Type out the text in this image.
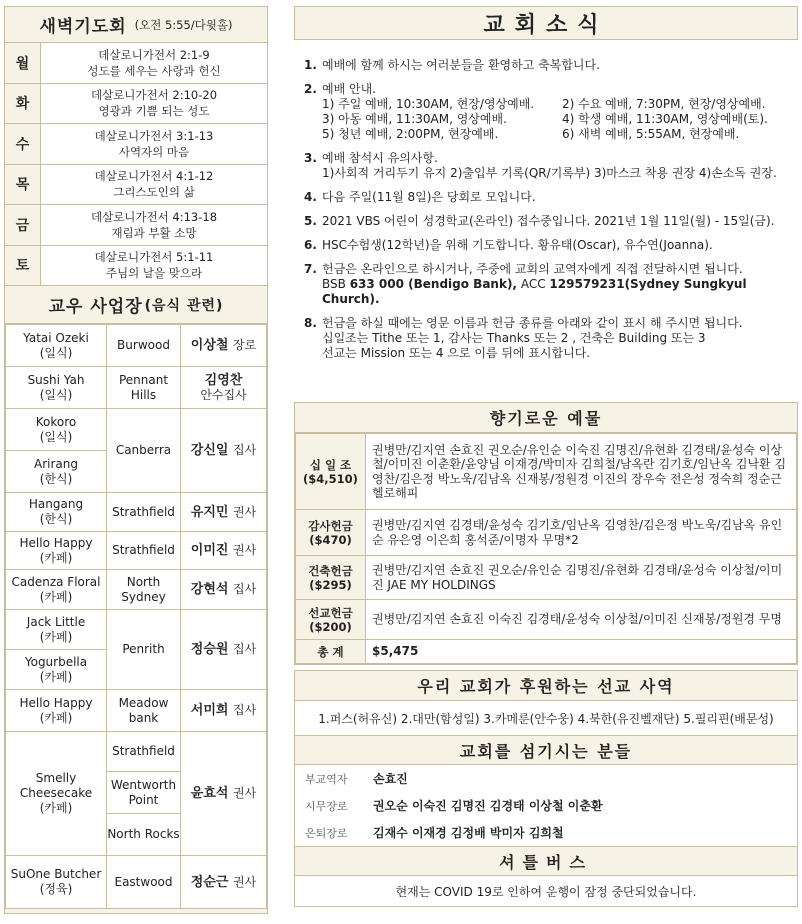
새벽기도회 (오전 5:55/다윗홀)
월
데살로니가전서 2:1-9
성도를 세우는 사랑과 헌신
화
데살로니가전서 2:10-20
영광과 기쁨 되는 성도
수
데살로니가전서 3:1-13
사역자의 마음
목
데살로니가전서 4:1-12
그리스도인의 삶
금
데살로니가전서 4:13-18
재림과 부활 소망
토
데살로니가전서 5:1-11
주님의 날을 맞으라
교우 사업장 (음식 관련)
Yatai Ozeki
(일식)	Burwood	이상철 장로
Sushi Yah
(일식)	Pennant Hills	김영찬
안수집사
Kokoro
(일식)	Canberra	강신일 집사
Arirang
(한식)		
Hangang
(한식)	Strathfield	유지민 권사
Hello Happy
(카페)	Strathfield	이미진 권사
Cadenza Floral
(카페)	North Sydney	강현석 집사
Jack Little
(카페)	Penrith	정승원 집사
Yogurbella
(카페)		
Hello Happy
(카페)	Meadow bank	서미희 집사
Smelly Cheesecake
(카페)	Strathfield	윤효석 권사
	Wentworth Point	
	North Rocks	
SuOne Butcher
(정육)	Eastwood	정순근 권사
교회소식
1. 예배에 함께 하시는 여러분들을 환영하고 축복합니다.
2. 예배 안내.
1) 주일 예배, 10:30AM, 현장/영상예배.	2) 수요 예배, 7:30PM, 현장/영상예배.
3) 아동 예배, 11:30AM, 영상예배.	4) 학생 예배, 11:30AM, 영상예배(토).
5) 청년 예배, 2:00PM, 현장예배.	6) 새벽 예배, 5:55AM, 현장예배.
3. 예배 참석시 유의사항.
1)사회적 거리두기 유지 2)출입부 기록(QR/기록부) 3)마스크 착용 권장 4)손소독 권장.
4. 다음 주일(11월 8일)은 당회로 모입니다.
5. 2021 VBS 어린이 성경학교(온라인) 접수중입니다. 2021년 1월 11일(월) - 15일(금).
6. HSC수험생(12학년)을 위해 기도합니다. 황유태(Oscar), 유수연(Joanna).
7. 헌금은 온라인으로 하시거나, 주중에 교회의 교역자에게 직접 전달하시면 됩니다.
BSB 633 000 (Bendigo Bank), ACC 129579231(Sydney Sungkyul Church).
8. 헌금을 하실 때에는 영문 이름과 헌금 종류를 아래와 같이 표시 해 주시면 됩니다.
십일조는 Tithe 또는 1, 감사는 Thanks 또는 2 , 건축은 Building 또는 3
선교는 Mission 또는 4 으로 이름 뒤에 표시합니다.
향기로운 예물
십 일 조
($4,510)	권병만/김지연 손효진 권오순/유인순 이숙진 김명진/유현화 김경태/윤성숙 이상철/이미진 이춘환/윤양님 이재경/박미자 김희철/남옥란 김기호/임난옥 김낙환 김영찬/김은정 박노욱/김남옥 신재봉/정원경 이진의 장우숙 전은성 정숙희 정순근 헬로해피
감사헌금
($470)	권병만/김지연 김경태/윤성숙 김기호/임난옥 김영찬/김은정 박노욱/김남옥 유인순 유은영 이은희 홍석준/이명자 무명*2
건축헌금
($295)	권병만/김지연 손효진 권오순/유인순 김명진/유현화 김경태/윤성숙 이상철/이미진 JAE MY HOLDINGS
선교헌금
($200)	권병만/김지연 손효진 이숙진 김경태/윤성숙 이상철/이미진 신재봉/정원경 무명
총 계	$5,475
우리 교회가 후원하는 선교 사역
1.퍼스(허유신) 2.대만(함성일) 3.카메룬(안수웅) 4.북한(유진벨재단) 5.필리핀(배문성)
교회를 섬기시는 분들
부교역자	손효진
시무장로	권오순 이숙진 김명진 김경태 이상철 이춘환
은퇴장로	김재수 이재경 김정배 박미자 김희철
셔틀버스
현재는 COVID 19로 인하여 운행이 잠정 중단되었습니다.
